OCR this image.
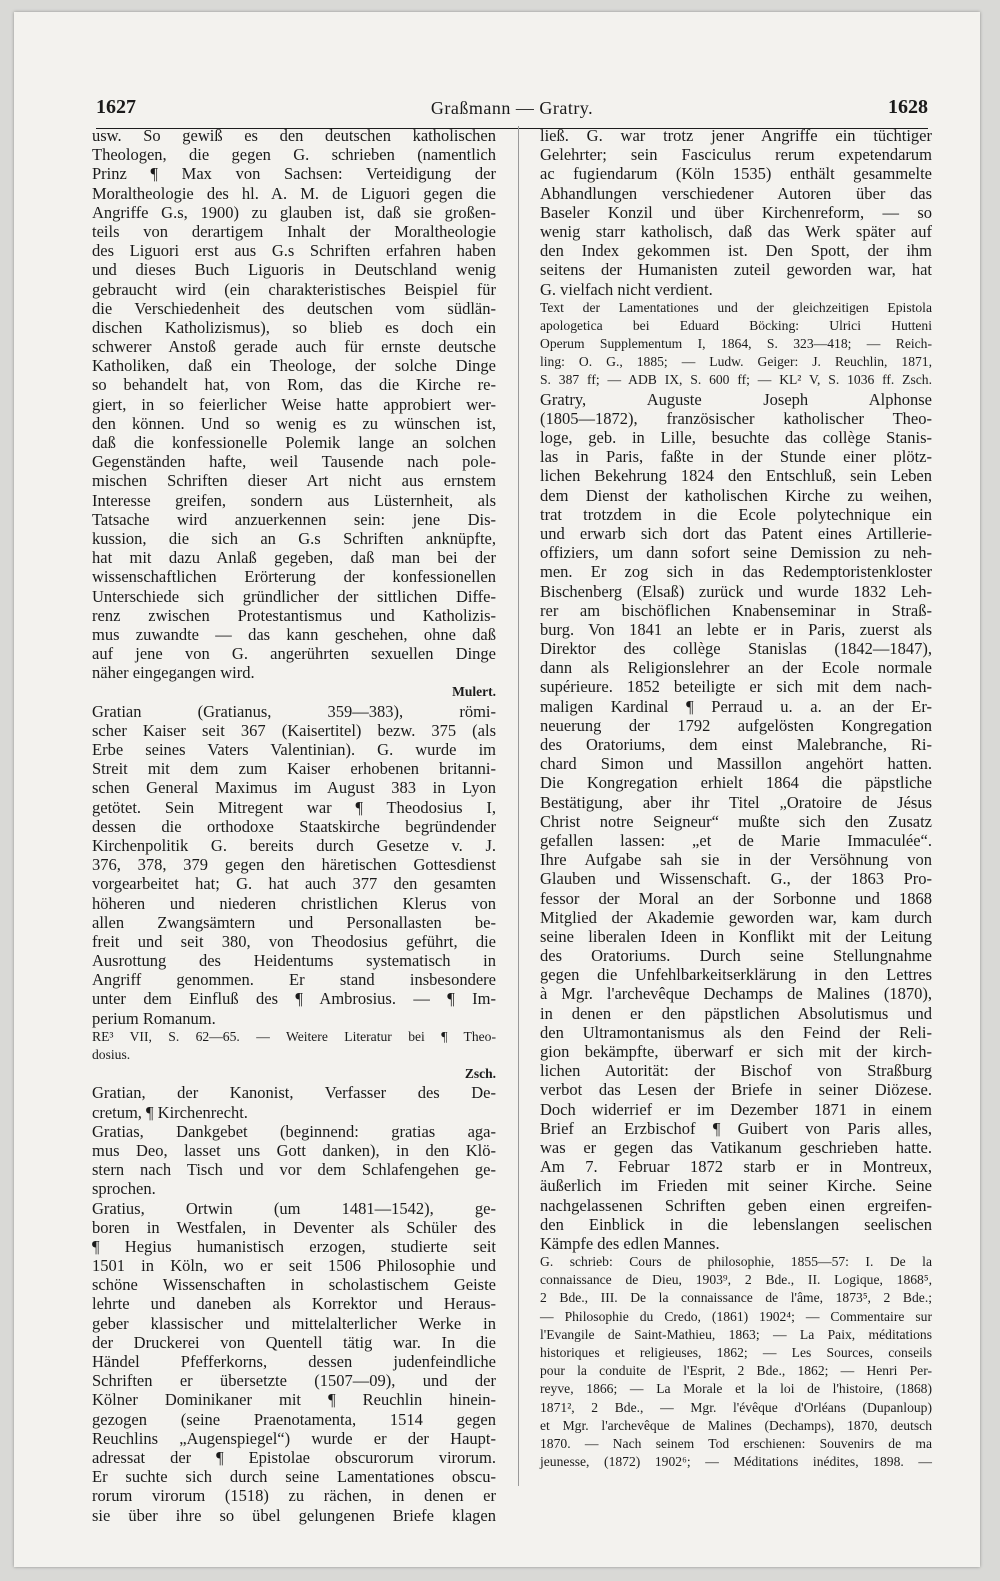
1627	Graßmann — Gratry.	1628
usw. So gewiß es den deutschen katholischen
Theologen, die gegen G. schrieben (namentlich
Prinz ¶ Max von Sachsen: Verteidigung der
Moraltheologie des hl. A. M. de Liguori gegen die
Angriffe G.s, 1900) zu glauben ist, daß sie großen-
teils von derartigem Inhalt der Moraltheologie
des Liguori erst aus G.s Schriften erfahren haben
und dieses Buch Liguoris in Deutschland wenig
gebraucht wird (ein charakteristisches Beispiel für
die Verschiedenheit des deutschen vom südlän-
dischen Katholizismus), so blieb es doch ein
schwerer Anstoß gerade auch für ernste deutsche
Katholiken, daß ein Theologe, der solche Dinge
so behandelt hat, von Rom, das die Kirche re-
giert, in so feierlicher Weise hatte approbiert wer-
den können. Und so wenig es zu wünschen ist,
daß die konfessionelle Polemik lange an solchen
Gegenständen hafte, weil Tausende nach pole-
mischen Schriften dieser Art nicht aus ernstem
Interesse greifen, sondern aus Lüsternheit, als
Tatsache wird anzuerkennen sein: jene Dis-
kussion, die sich an G.s Schriften anknüpfte,
hat mit dazu Anlaß gegeben, daß man bei der
wissenschaftlichen Erörterung der konfessionellen
Unterschiede sich gründlicher der sittlichen Diffe-
renz zwischen Protestantismus und Katholizis-
mus zuwandte — das kann geschehen, ohne daß
auf jene von G. angerührten sexuellen Dinge
näher eingegangen wird.
Mulert.
Gratian (Gratianus, 359—383), römi-
scher Kaiser seit 367 (Kaisertitel) bezw. 375 (als
Erbe seines Vaters Valentinian). G. wurde im
Streit mit dem zum Kaiser erhobenen britanni-
schen General Maximus im August 383 in Lyon
getötet. Sein Mitregent war ¶ Theodosius I,
dessen die orthodoxe Staatskirche begründender
Kirchenpolitik G. bereits durch Gesetze v. J.
376, 378, 379 gegen den häretischen Gottesdienst
vorgearbeitet hat; G. hat auch 377 den gesamten
höheren und niederen christlichen Klerus von
allen Zwangsämtern und Personallasten be-
freit und seit 380, von Theodosius geführt, die
Ausrottung des Heidentums systematisch in
Angriff genommen. Er stand insbesondere
unter dem Einfluß des ¶ Ambrosius. — ¶ Im-
perium Romanum.
RE³ VII, S. 62—65. — Weitere Literatur bei ¶ Theo-
dosius.
Zsch.
Gratian, der Kanonist, Verfasser des De-
cretum, ¶ Kirchenrecht.
Gratias, Dankgebet (beginnend: gratias aga-
mus Deo, lasset uns Gott danken), in den Klö-
stern nach Tisch und vor dem Schlafengehen ge-
sprochen.
Gratius, Ortwin (um 1481—1542), ge-
boren in Westfalen, in Deventer als Schüler des
¶ Hegius humanistisch erzogen, studierte seit
1501 in Köln, wo er seit 1506 Philosophie und
schöne Wissenschaften in scholastischem Geiste
lehrte und daneben als Korrektor und Heraus-
geber klassischer und mittelalterlicher Werke in
der Druckerei von Quentell tätig war. In die
Händel Pfefferkorns, dessen judenfeindliche
Schriften er übersetzte (1507—09), und der
Kölner Dominikaner mit ¶ Reuchlin hinein-
gezogen (seine Praenotamenta, 1514 gegen
Reuchlins „Augenspiegel“) wurde er der Haupt-
adressat der ¶ Epistolae obscurorum virorum.
Er suchte sich durch seine Lamentationes obscu-
rorum virorum (1518) zu rächen, in denen er
sie über ihre so übel gelungenen Briefe klagen
ließ. G. war trotz jener Angriffe ein tüchtiger
Gelehrter; sein Fasciculus rerum expetendarum
ac fugiendarum (Köln 1535) enthält gesammelte
Abhandlungen verschiedener Autoren über das
Baseler Konzil und über Kirchenreform, — so
wenig starr katholisch, daß das Werk später auf
den Index gekommen ist. Den Spott, der ihm
seitens der Humanisten zuteil geworden war, hat
G. vielfach nicht verdient.
Text der Lamentationes und der gleichzeitigen Epistola
apologetica bei Eduard Böcking: Ulrici Hutteni
Operum Supplementum I, 1864, S. 323—418; — Reich-
ling: O. G., 1885; — Ludw. Geiger: J. Reuchlin, 1871,
S. 387 ff; — ADB IX, S. 600 ff; — KL² V, S. 1036 ff. Zsch.
Gratry, Auguste Joseph Alphonse
(1805—1872), französischer katholischer Theo-
loge, geb. in Lille, besuchte das collège Stanis-
las in Paris, faßte in der Stunde einer plötz-
lichen Bekehrung 1824 den Entschluß, sein Leben
dem Dienst der katholischen Kirche zu weihen,
trat trotzdem in die Ecole polytechnique ein
und erwarb sich dort das Patent eines Artillerie-
offiziers, um dann sofort seine Demission zu neh-
men. Er zog sich in das Redemptoristenkloster
Bischenberg (Elsaß) zurück und wurde 1832 Leh-
rer am bischöflichen Knabenseminar in Straß-
burg. Von 1841 an lebte er in Paris, zuerst als
Direktor des collège Stanislas (1842—1847),
dann als Religionslehrer an der Ecole normale
supérieure. 1852 beteiligte er sich mit dem nach-
maligen Kardinal ¶ Perraud u. a. an der Er-
neuerung der 1792 aufgelösten Kongregation
des Oratoriums, dem einst Malebranche, Ri-
chard Simon und Massillon angehört hatten.
Die Kongregation erhielt 1864 die päpstliche
Bestätigung, aber ihr Titel „Oratoire de Jésus
Christ notre Seigneur“ mußte sich den Zusatz
gefallen lassen: „et de Marie Immaculée“.
Ihre Aufgabe sah sie in der Versöhnung von
Glauben und Wissenschaft. G., der 1863 Pro-
fessor der Moral an der Sorbonne und 1868
Mitglied der Akademie geworden war, kam durch
seine liberalen Ideen in Konflikt mit der Leitung
des Oratoriums. Durch seine Stellungnahme
gegen die Unfehlbarkeitserklärung in den Lettres
à Mgr. l'archevêque Dechamps de Malines (1870),
in denen er den päpstlichen Absolutismus und
den Ultramontanismus als den Feind der Reli-
gion bekämpfte, überwarf er sich mit der kirch-
lichen Autorität: der Bischof von Straßburg
verbot das Lesen der Briefe in seiner Diözese.
Doch widerrief er im Dezember 1871 in einem
Brief an Erzbischof ¶ Guibert von Paris alles,
was er gegen das Vatikanum geschrieben hatte.
Am 7. Februar 1872 starb er in Montreux,
äußerlich im Frieden mit seiner Kirche. Seine
nachgelassenen Schriften geben einen ergreifen-
den Einblick in die lebenslangen seelischen
Kämpfe des edlen Mannes.
G. schrieb: Cours de philosophie, 1855—57: I. De la
connaissance de Dieu, 1903⁹, 2 Bde., II. Logique, 1868⁵,
2 Bde., III. De la connaissance de l'âme, 1873⁵, 2 Bde.;
— Philosophie du Credo, (1861) 1902⁴; — Commentaire sur
l'Evangile de Saint-Mathieu, 1863; — La Paix, méditations
historiques et religieuses, 1862; — Les Sources, conseils
pour la conduite de l'Esprit, 2 Bde., 1862; — Henri Per-
reyve, 1866; — La Morale et la loi de l'histoire, (1868)
1871², 2 Bde., — Mgr. l'évêque d'Orléans (Dupanloup)
et Mgr. l'archevêque de Malines (Dechamps), 1870, deutsch
1870. — Nach seinem Tod erschienen: Souvenirs de ma
jeunesse, (1872) 1902⁶; — Méditations inédites, 1898. —
